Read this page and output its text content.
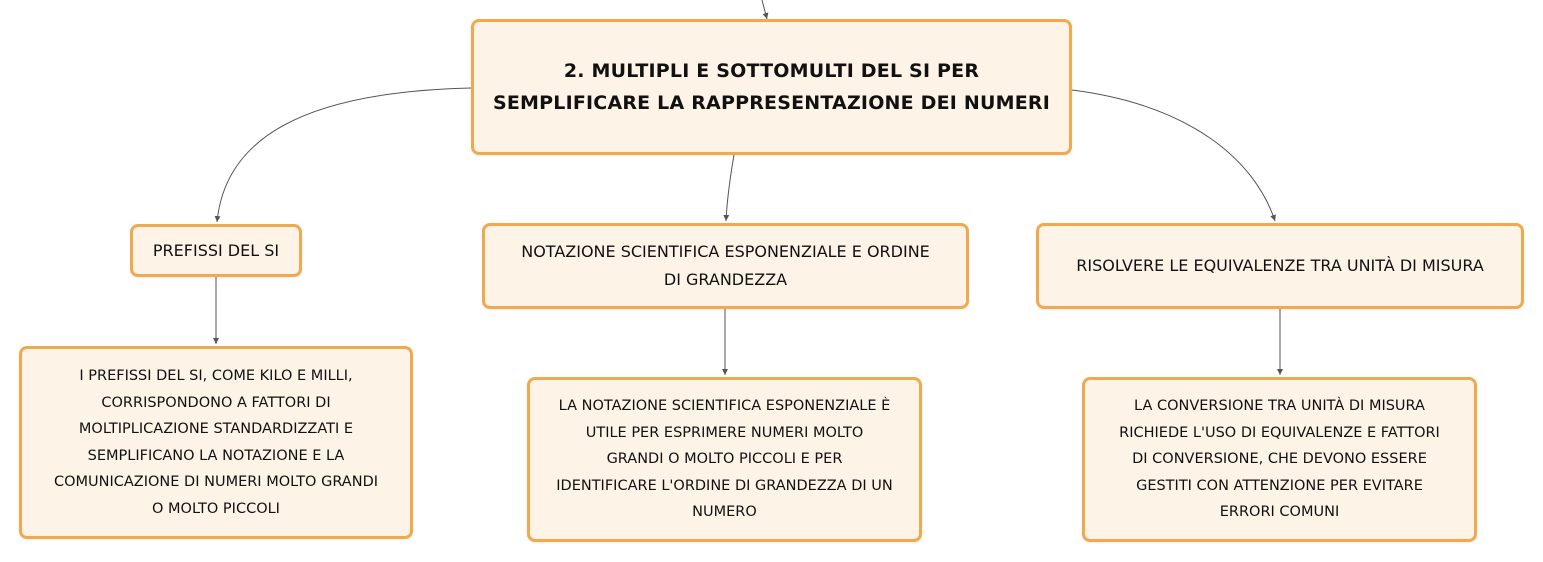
2. MULTIPLI E SOTTOMULTI DEL SI PER
SEMPLIFICARE LA RAPPRESENTAZIONE DEI NUMERI
PREFISSI DEL SI	NOTAZIONE SCIENTIFICA ESPONENZIALE E ORDINE
DI GRANDEZZA
RISOLVERE LE EQUIVALENZE TRA UNITÀ DI MISURA
I PREFISSI DEL SI, COME KILO E MILLI,
CORRISPONDONO A FATTORI DI
MOLTIPLICAZIONE STANDARDIZZATI E
SEMPLIFICANO LA NOTAZIONE E LA
COMUNICAZIONE DI NUMERI MOLTO GRANDI
O MOLTO PICCOLI
LA NOTAZIONE SCIENTIFICA ESPONENZIALE È
UTILE PER ESPRIMERE NUMERI MOLTO
GRANDI O MOLTO PICCOLI E PER
IDENTIFICARE L'ORDINE DI GRANDEZZA DI UN
NUMERO
LA CONVERSIONE TRA UNITÀ DI MISURA
RICHIEDE L'USO DI EQUIVALENZE E FATTORI
DI CONVERSIONE, CHE DEVONO ESSERE
GESTITI CON ATTENZIONE PER EVITARE
ERRORI COMUNI
